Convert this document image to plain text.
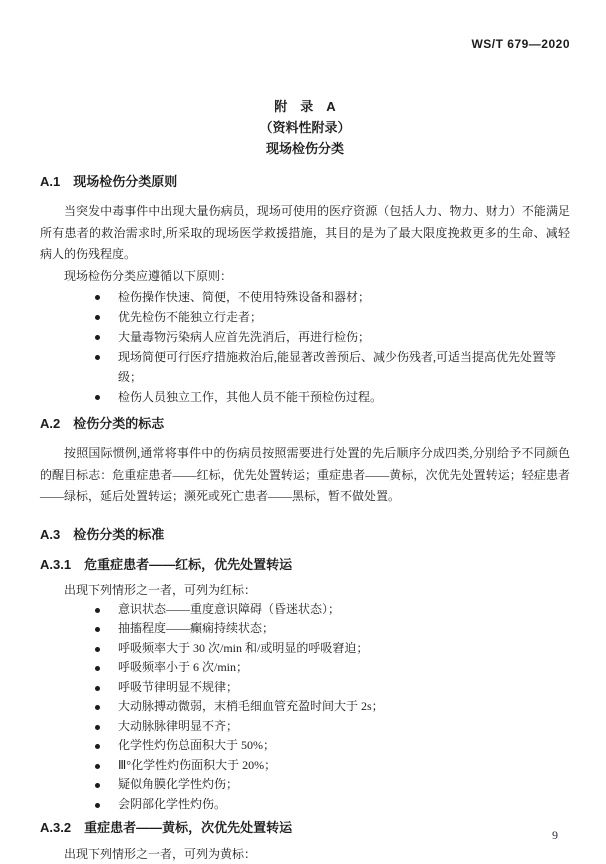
WS/T 679—2020
附　录　A
（资料性附录）
现场检伤分类
A.1　现场检伤分类原则

当突发中毒事件中出现大量伤病员，现场可使用的医疗资源（包括人力、物力、财力）不能满足所有患者的救治需求时,所采取的现场医学救援措施，其目的是为了最大限度挽救更多的生命、减轻病人的伤残程度。

现场检伤分类应遵循以下原则：

检伤操作快速、简便，不使用特殊设备和器材；
优先检伤不能独立行走者；
大量毒物污染病人应首先洗消后，再进行检伤；
现场简便可行医疗措施救治后,能显著改善预后、减少伤残者,可适当提高优先处置等级；
检伤人员独立工作，其他人员不能干预检伤过程。
A.2　检伤分类的标志

按照国际惯例,通常将事件中的伤病员按照需要进行处置的先后顺序分成四类,分别给予不同颜色的醒目标志：危重症患者——红标，优先处置转运；重症患者——黄标，次优先处置转运；轻症患者——绿标，延后处置转运；濒死或死亡患者——黑标，暂不做处置。

A.3　检伤分类的标准
A.3.1　危重症患者——红标，优先处置转运

出现下列情形之一者，可列为红标：

意识状态——重度意识障碍（昏迷状态）；
抽搐程度——癫痫持续状态；
呼吸频率大于 30 次/min 和/或明显的呼吸窘迫；
呼吸频率小于 6 次/min；
呼吸节律明显不规律；
大动脉搏动微弱，末梢毛细血管充盈时间大于 2s；
大动脉脉律明显不齐；
化学性灼伤总面积大于 50%；
Ⅲ°化学性灼伤面积大于 20%；
疑似角膜化学性灼伤；
会阴部化学性灼伤。
A.3.2　重症患者——黄标，次优先处置转运

出现下列情形之一者，可列为黄标：

9
